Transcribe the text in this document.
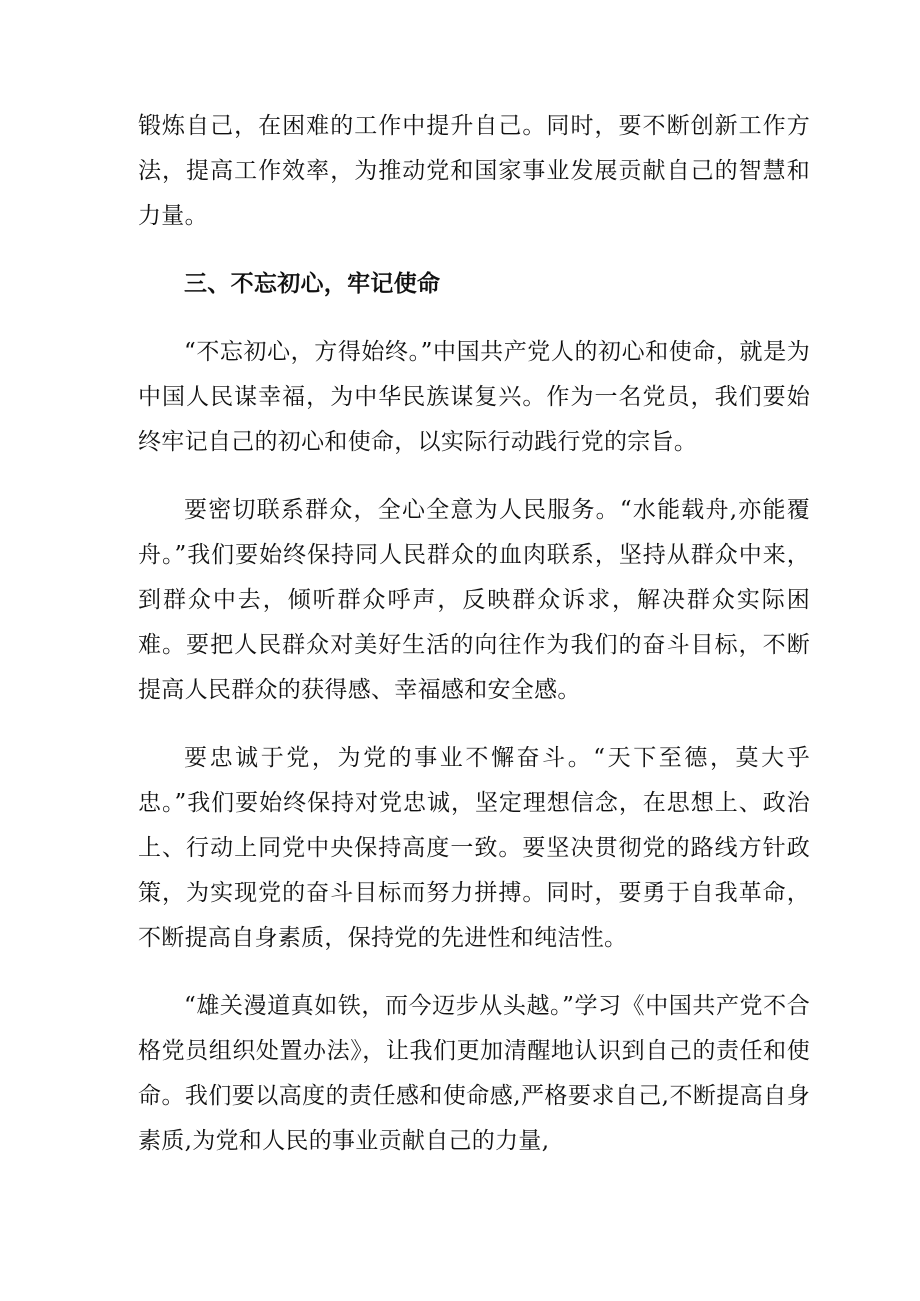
锻炼自己，在困难的工作中提升自己。同时，要不断创新工作方法，提高工作效率，为推动党和国家事业发展贡献自己的智慧和力量。

三、不忘初心，牢记使命

“不忘初心，方得始终。”中国共产党人的初心和使命，就是为中国人民谋幸福，为中华民族谋复兴。作为一名党员，我们要始终牢记自己的初心和使命，以实际行动践行党的宗旨。

要密切联系群众，全心全意为人民服务。“水能载舟,亦能覆舟。”我们要始终保持同人民群众的血肉联系，坚持从群众中来，到群众中去，倾听群众呼声，反映群众诉求，解决群众实际困难。要把人民群众对美好生活的向往作为我们的奋斗目标，不断提高人民群众的获得感、幸福感和安全感。

要忠诚于党，为党的事业不懈奋斗。“天下至德，莫大乎忠。”我们要始终保持对党忠诚，坚定理想信念，在思想上、政治上、行动上同党中央保持高度一致。要坚决贯彻党的路线方针政策，为实现党的奋斗目标而努力拼搏。同时，要勇于自我革命，不断提高自身素质，保持党的先进性和纯洁性。

“雄关漫道真如铁，而今迈步从头越。”学习《中国共产党不合格党员组织处置办法》，让我们更加清醒地认识到自己的责任和使命。我们要以高度的责任感和使命感,严格要求自己,不断提高自身素质,为党和人民的事业贡献自己的力量,
